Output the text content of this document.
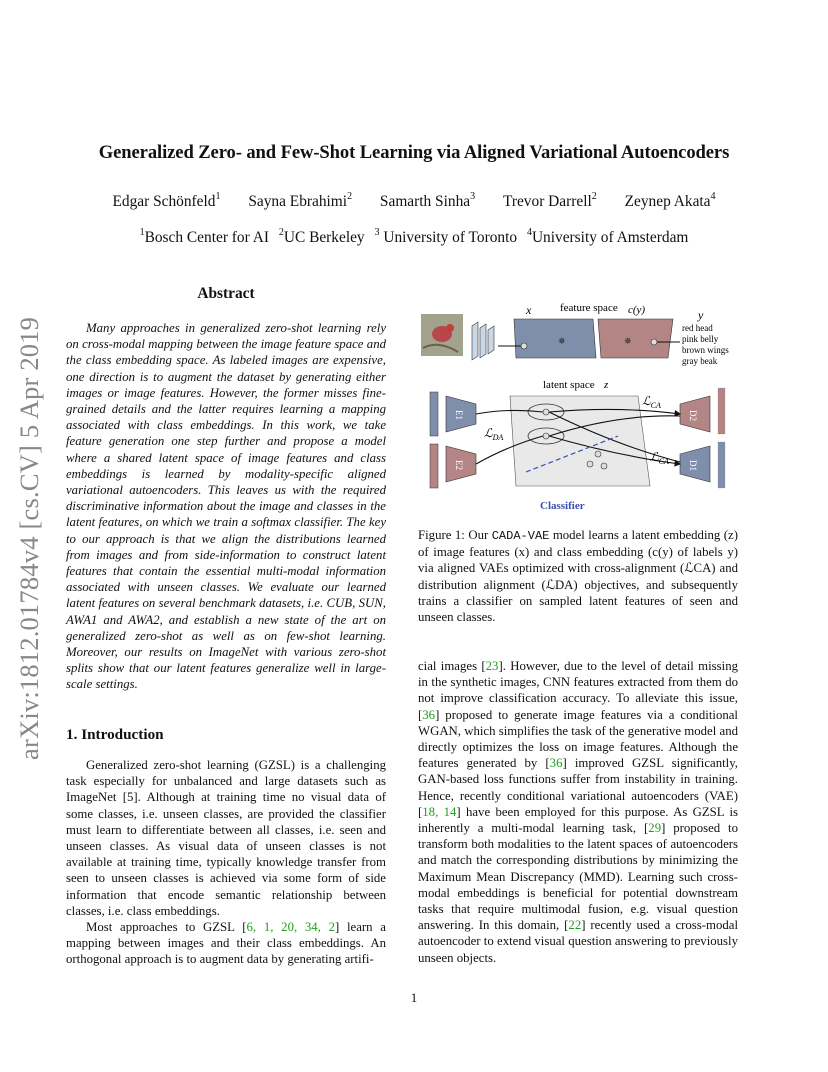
arXiv:1812.01784v4 [cs.CV] 5 Apr 2019
Generalized Zero- and Few-Shot Learning via Aligned Variational Autoencoders
Edgar Schönfeld$^1$ Sayna Ebrahimi$^2$ Samarth Sinha$^3$ Trevor Darrell$^2$ Zeynep Akata$^4$
$^1$Bosch Center for AI $^2$UC Berkeley $^3$ University of Toronto $^4$University of Amsterdam
Abstract

Many approaches in generalized zero-shot learning rely on cross-modal mapping between the image feature space and the class embedding space. As labeled images are expensive, one direction is to augment the dataset by generating either images or image features. However, the former misses fine-grained details and the latter requires learning a mapping associated with class embeddings. In this work, we take feature generation one step further and propose a model where a shared latent space of image features and class embeddings is learned by modality-specific aligned variational autoencoders. This leaves us with the required discriminative information about the image and classes in the latent features, on which we train a softmax classifier. The key to our approach is that we align the distributions learned from images and from side-information to construct latent features that contain the essential multi-modal information associated with unseen classes. We evaluate our learned latent features on several benchmark datasets, i.e. CUB, SUN, AWA1 and AWA2, and establish a new state of the art on generalized zero-shot as well as on few-shot learning. Moreover, our results on ImageNet with various zero-shot splits show that our latent features generalize well in large-scale settings.

1. Introduction

Generalized zero-shot learning (GZSL) is a challenging task especially for unbalanced and large datasets such as ImageNet [5]. Although at training time no visual data of some classes, i.e. unseen classes, are provided the classifier must learn to differentiate between all classes, i.e. seen and unseen classes. As visual data of unseen classes is not available at training time, typically knowledge transfer from seen to unseen classes is achieved via some form of side information that encode semantic relationship between classes, i.e. class embeddings.

Most approaches to GZSL [6, 1, 20, 34, 2] learn a mapping between images and their class embeddings. An orthogonal approach is to augment data by generating artifi-

x	feature space c(y)	y
✵	✵
red head
pink belly
brown wings
gray beak
latent space z
E1
E2
D2
D1
ℒ$_{CA}$
ℒ$_{DA}$
ℒ$_{CA}$
Classifier

Figure 1: Our CADA-VAE model learns a latent embedding (z) of image features (x) and class embedding (c(y) of labels y) via aligned VAEs optimized with cross-alignment (ℒCA) and distribution alignment (ℒDA) objectives, and subsequently trains a classifier on sampled latent features of seen and unseen classes.

cial images [23]. However, due to the level of detail missing in the synthetic images, CNN features extracted from them do not improve classification accuracy. To alleviate this issue, [36] proposed to generate image features via a conditional WGAN, which simplifies the task of the generative model and directly optimizes the loss on image features. Although the features generated by [36] improved GZSL significantly, GAN-based loss functions suffer from instability in training. Hence, recently conditional variational autoencoders (VAE) [18, 14] have been employed for this purpose. As GZSL is inherently a multi-modal learning task, [29] proposed to transform both modalities to the latent spaces of autoencoders and match the corresponding distributions by minimizing the Maximum Mean Discrepancy (MMD). Learning such cross-modal embeddings is beneficial for potential downstream tasks that require multimodal fusion, e.g. visual question answering. In this domain, [22] recently used a cross-modal autoencoder to extend visual question answering to previously unseen objects.

1
